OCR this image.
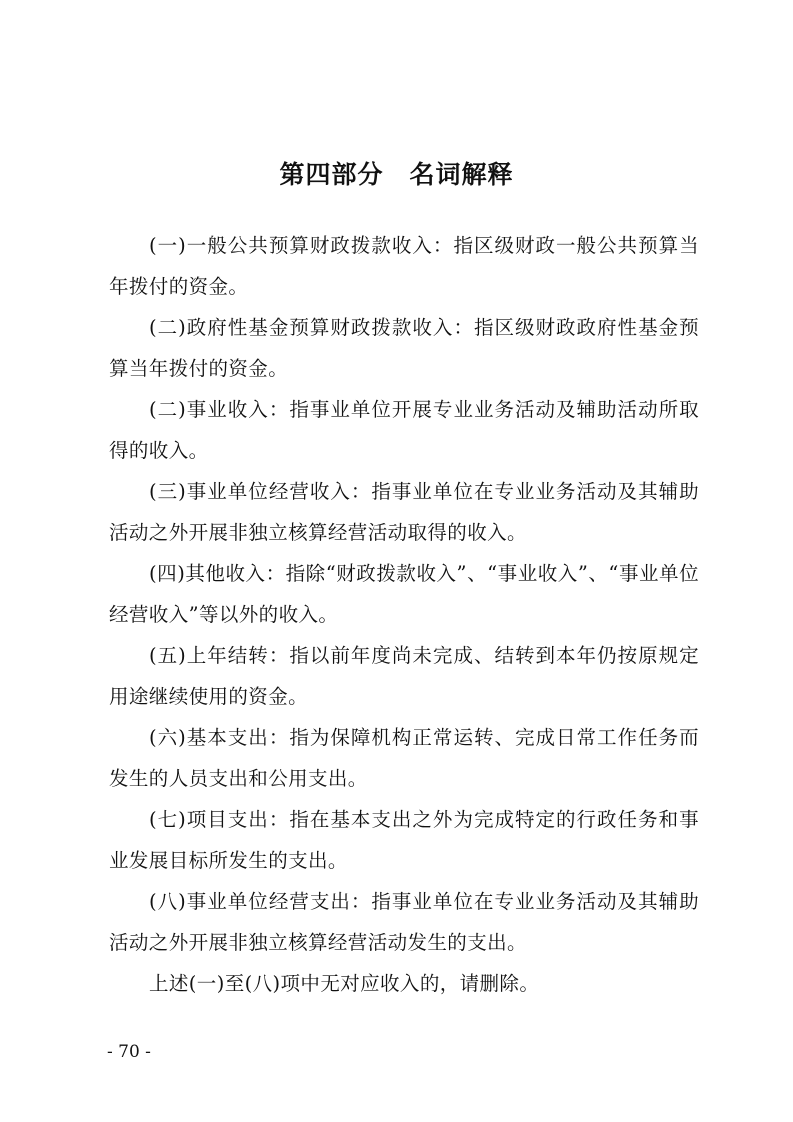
第四部分　名词解释

(一)一般公共预算财政拨款收入：指区级财政一般公共预算当年拨付的资金。

(二)政府性基金预算财政拨款收入：指区级财政政府性基金预算当年拨付的资金。

(二)事业收入：指事业单位开展专业业务活动及辅助活动所取得的收入。

(三)事业单位经营收入：指事业单位在专业业务活动及其辅助活动之外开展非独立核算经营活动取得的收入。

(四)其他收入：指除“财政拨款收入”、“事业收入”、“事业单位经营收入”等以外的收入。

(五)上年结转：指以前年度尚未完成、结转到本年仍按原规定用途继续使用的资金。

(六)基本支出：指为保障机构正常运转、完成日常工作任务而发生的人员支出和公用支出。

(七)项目支出：指在基本支出之外为完成特定的行政任务和事业发展目标所发生的支出。

(八)事业单位经营支出：指事业单位在专业业务活动及其辅助活动之外开展非独立核算经营活动发生的支出。

上述(一)至(八)项中无对应收入的，请删除。

- 70 -
